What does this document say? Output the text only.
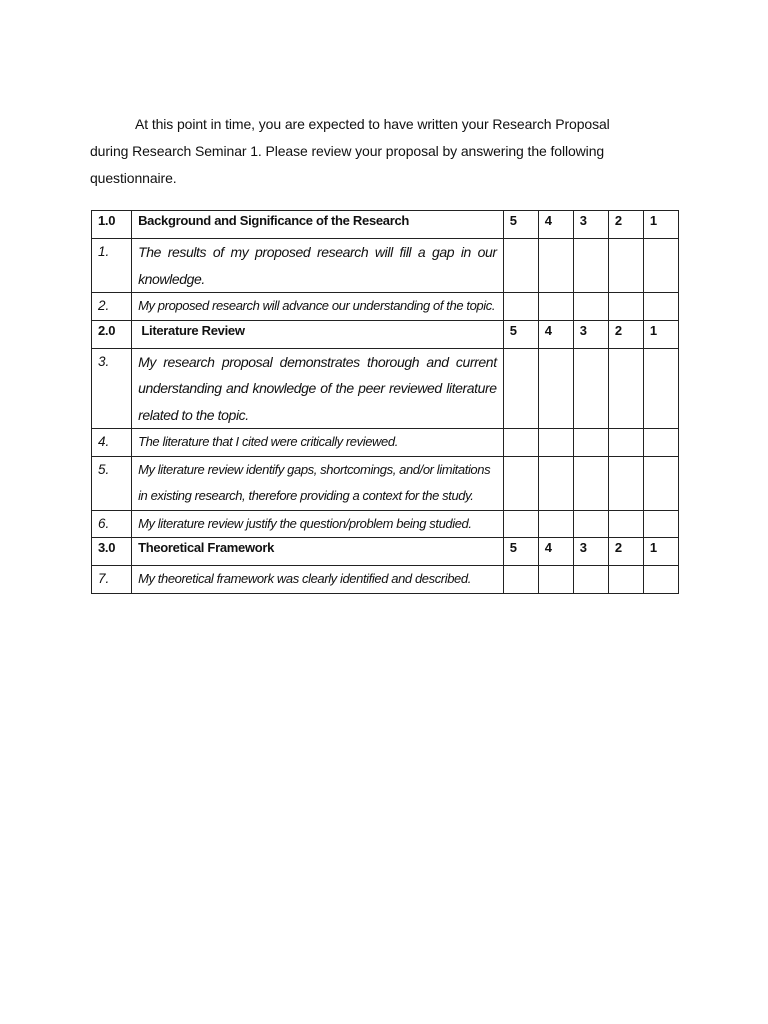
At this point in time, you are expected to have written your Research Proposal during Research Seminar 1. Please review your proposal by answering the following questionnaire.

1.0	Background and Significance of the Research	5	4	3	2	1
1.	The results of my proposed research will fill a gap in our knowledge.					
2.	My proposed research will advance our understanding of the topic.					
2.0	Literature Review	5	4	3	2	1
3.	My research proposal demonstrates thorough and current understanding and knowledge of the peer reviewed literature related to the topic.					
4.	The literature that I cited were critically reviewed.					
5.	My literature review identify gaps, shortcomings, and/or limitations in existing research, therefore providing a context for the study.					
6.	My literature review justify the question/problem being studied.					
3.0	Theoretical Framework	5	4	3	2	1
7.	My theoretical framework was clearly identified and described.					
